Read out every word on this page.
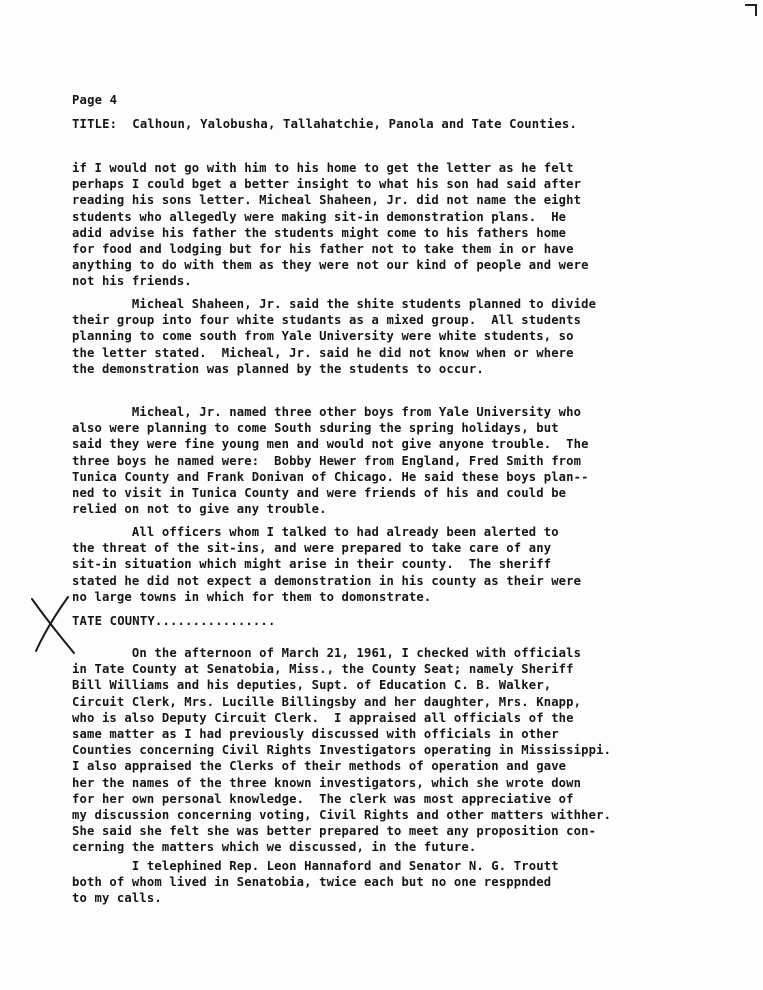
Page 4
TITLE:  Calhoun, Yalobusha, Tallahatchie, Panola and Tate Counties.
if I would not go with him to his home to get the letter as he felt
perhaps I could bget a better insight to what his son had said after
reading his sons letter. Micheal Shaheen, Jr. did not name the eight
students who allegedly were making sit-in demonstration plans.  He
adid advise his father the students might come to his fathers home
for food and lodging but for his father not to take them in or have
anything to do with them as they were not our kind of people and were
not his friends.
Micheal Shaheen, Jr. said the shite students planned to divide
their group into four white studants as a mixed group.  All students
planning to come south from Yale University were white students, so
the letter stated.  Micheal, Jr. said he did not know when or where
the demonstration was planned by the students to occur.
Micheal, Jr. named three other boys from Yale University who
also were planning to come South sduring the spring holidays, but
said they were fine young men and would not give anyone trouble.  The
three boys he named were:  Bobby Hewer from England, Fred Smith from
Tunica County and Frank Donivan of Chicago. He said these boys plan--
ned to visit in Tunica County and were friends of his and could be
relied on not to give any trouble.
All officers whom I talked to had already been alerted to
the threat of the sit-ins, and were prepared to take care of any
sit-in situation which might arise in their county.  The sheriff
stated he did not expect a demonstration in his county as their were
no large towns in which for them to domonstrate.
TATE COUNTY................
On the afternoon of March 21, 1961, I checked with officials
in Tate County at Senatobia, Miss., the County Seat; namely Sheriff
Bill Williams and his deputies, Supt. of Education C. B. Walker,
Circuit Clerk, Mrs. Lucille Billingsby and her daughter, Mrs. Knapp,
who is also Deputy Circuit Clerk.  I appraised all officials of the
same matter as I had previously discussed with officials in other
Counties concerning Civil Rights Investigators operating in Mississippi.
I also appraised the Clerks of their methods of operation and gave
her the names of the three known investigators, which she wrote down
for her own personal knowledge.  The clerk was most appreciative of
my discussion concerning voting, Civil Rights and other matters withher.
She said she felt she was better prepared to meet any proposition con-
cerning the matters which we discussed, in the future.
I telephined Rep. Leon Hannaford and Senator N. G. Troutt
both of whom lived in Senatobia, twice each but no one resppnded
to my calls.
